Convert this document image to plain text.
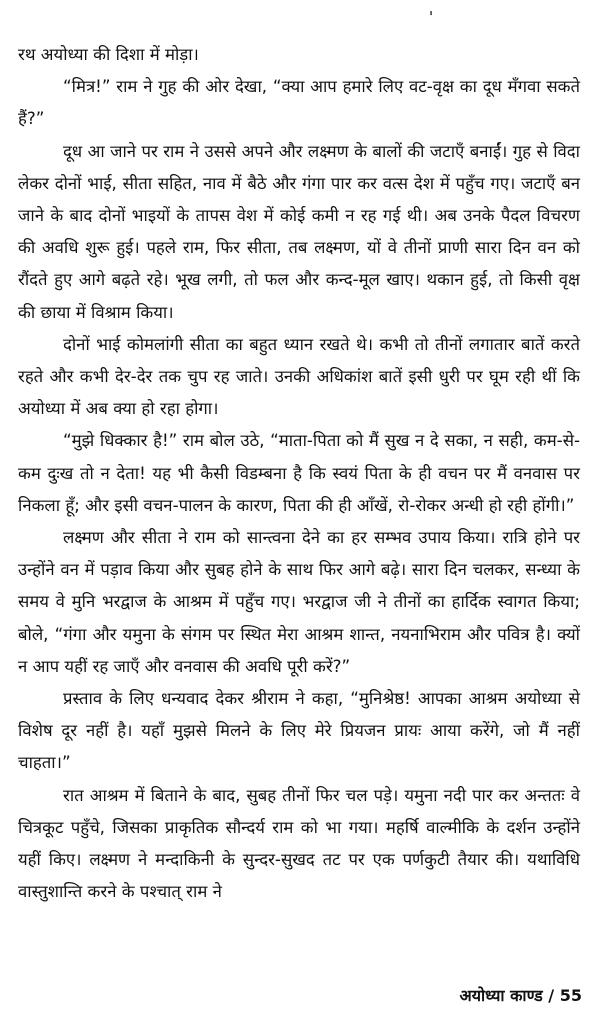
'

रथ अयोध्या की दिशा में मोड़ा।

“मित्र!” राम ने गुह की ओर देखा, “क्या आप हमारे लिए वट-वृक्ष का दूध मँगवा सकते हैं?”

दूध आ जाने पर राम ने उससे अपने और लक्ष्मण के बालों की जटाएँ बनाईं। गुह से विदा लेकर दोनों भाई, सीता सहित, नाव में बैठे और गंगा पार कर वत्स देश में पहुँच गए। जटाएँ बन जाने के बाद दोनों भाइयों के तापस वेश में कोई कमी न रह गई थी। अब उनके पैदल विचरण की अवधि शुरू हुई। पहले राम, फिर सीता, तब लक्ष्मण, यों वे तीनों प्राणी सारा दिन वन को रौंदते हुए आगे बढ़ते रहे। भूख लगी, तो फल और कन्द-मूल खाए। थकान हुई, तो किसी वृक्ष की छाया में विश्राम किया।

दोनों भाई कोमलांगी सीता का बहुत ध्यान रखते थे। कभी तो तीनों लगातार बातें करते रहते और कभी देर-देर तक चुप रह जाते। उनकी अधिकांश बातें इसी धुरी पर घूम रही थीं कि अयोध्या में अब क्या हो रहा होगा।

“मुझे धिक्कार है!” राम बोल उठे, “माता-पिता को मैं सुख न दे सका, न सही, कम-से-कम दुःख तो न देता! यह भी कैसी विडम्बना है कि स्वयं पिता के ही वचन पर मैं वनवास पर निकला हूँ; और इसी वचन-पालन के कारण, पिता की ही आँखें, रो-रोकर अन्धी हो रही होंगी।”

लक्ष्मण और सीता ने राम को सान्त्वना देने का हर सम्भव उपाय किया। रात्रि होने पर उन्होंने वन में पड़ाव किया और सुबह होने के साथ फिर आगे बढ़े। सारा दिन चलकर, सन्ध्या के समय वे मुनि भरद्वाज के आश्रम में पहुँच गए। भरद्वाज जी ने तीनों का हार्दिक स्वागत किया; बोले, “गंगा और यमुना के संगम पर स्थित मेरा आश्रम शान्त, नयनाभिराम और पवित्र है। क्यों न आप यहीं रह जाएँ और वनवास की अवधि पूरी करें?”

प्रस्ताव के लिए धन्यवाद देकर श्रीराम ने कहा, “मुनिश्रेष्ठ! आपका आश्रम अयोध्या से विशेष दूर नहीं है। यहाँ मुझसे मिलने के लिए मेरे प्रियजन प्रायः आया करेंगे, जो मैं नहीं चाहता।”

रात आश्रम में बिताने के बाद, सुबह तीनों फिर चल पड़े। यमुना नदी पार कर अन्ततः वे चित्रकूट पहुँचे, जिसका प्राकृतिक सौन्दर्य राम को भा गया। महर्षि वाल्मीकि के दर्शन उन्होंने यहीं किए। लक्ष्मण ने मन्दाकिनी के सुन्दर-सुखद तट पर एक पर्णकुटी तैयार की। यथाविधि वास्तुशान्ति करने के पश्चात् राम ने

अयोध्या काण्ड / 55
